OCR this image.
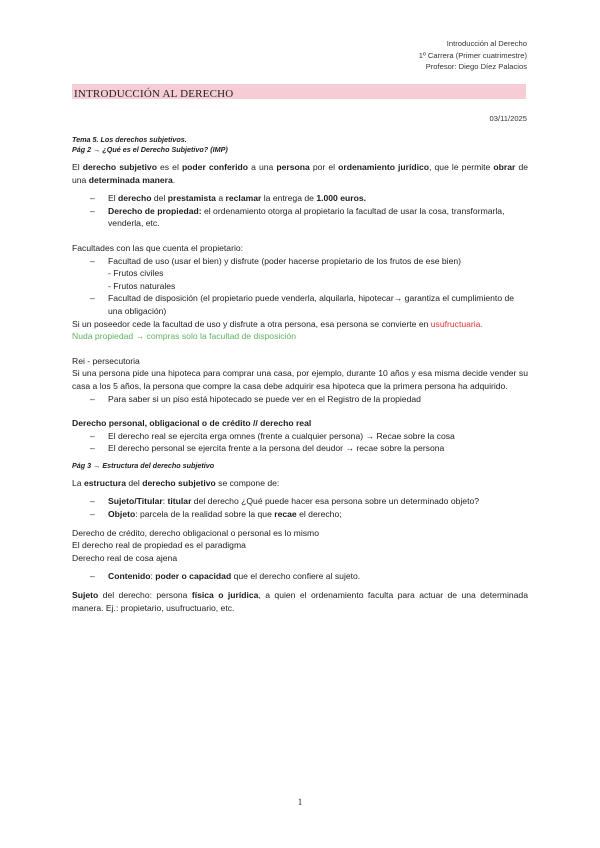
Introducción al Derecho
1º Carrera (Primer cuatrimestre)
Profesor: Diego Díez Palacios
INTRODUCCIÓN AL DERECHO
03/11/2025
Tema 5. Los derechos subjetivos.
Pág 2 → ¿Qué es el Derecho Subjetivo? (IMP)

El derecho subjetivo es el poder conferido a una persona por el ordenamiento jurídico, que le permite obrar de una determinada manera.

– El derecho del prestamista a reclamar la entrega de 1.000 euros.
– Derecho de propiedad: el ordenamiento otorga al propietario la facultad de usar la cosa, transformarla, venderla, etc.

Facultades con las que cuenta el propietario:

– Facultad de uso (usar el bien) y disfrute (poder hacerse propietario de los frutos de ese bien)
- Frutos civiles
- Frutos naturales
– Facultad de disposición (el propietario puede venderla, alquilarla, hipotecar→ garantiza el cumplimiento de una obligación)

Si un poseedor cede la facultad de uso y disfrute a otra persona, esa persona se convierte en usufructuaria.

Nuda propiedad → compras solo la facultad de disposición

Rei - persecutoria

Si una persona pide una hipoteca para comprar una casa, por ejemplo, durante 10 años y esa misma decide vender su casa a los 5 años, la persona que compre la casa debe adquirir esa hipoteca que la primera persona ha adquirido.

– Para saber si un piso está hipotecado se puede ver en el Registro de la propiedad

Derecho personal, obligacional o de crédito // derecho real

– El derecho real se ejercita erga omnes (frente a cualquier persona) → Recae sobre la cosa
– El derecho personal se ejercita frente a la persona del deudor → recae sobre la persona

Pág 3 → Estructura del derecho subjetivo

La estructura del derecho subjetivo se compone de:

– Sujeto/Titular: titular del derecho ¿Qué puede hacer esa persona sobre un determinado objeto?
– Objeto: parcela de la realidad sobre la que recae el derecho;

Derecho de crédito, derecho obligacional o personal es lo mismo

El derecho real de propiedad es el paradigma

Derecho real de cosa ajena

– Contenido: poder o capacidad que el derecho confiere al sujeto.

Sujeto del derecho: persona física o jurídica, a quien el ordenamiento faculta para actuar de una determinada manera. Ej.: propietario, usufructuario, etc.

1
